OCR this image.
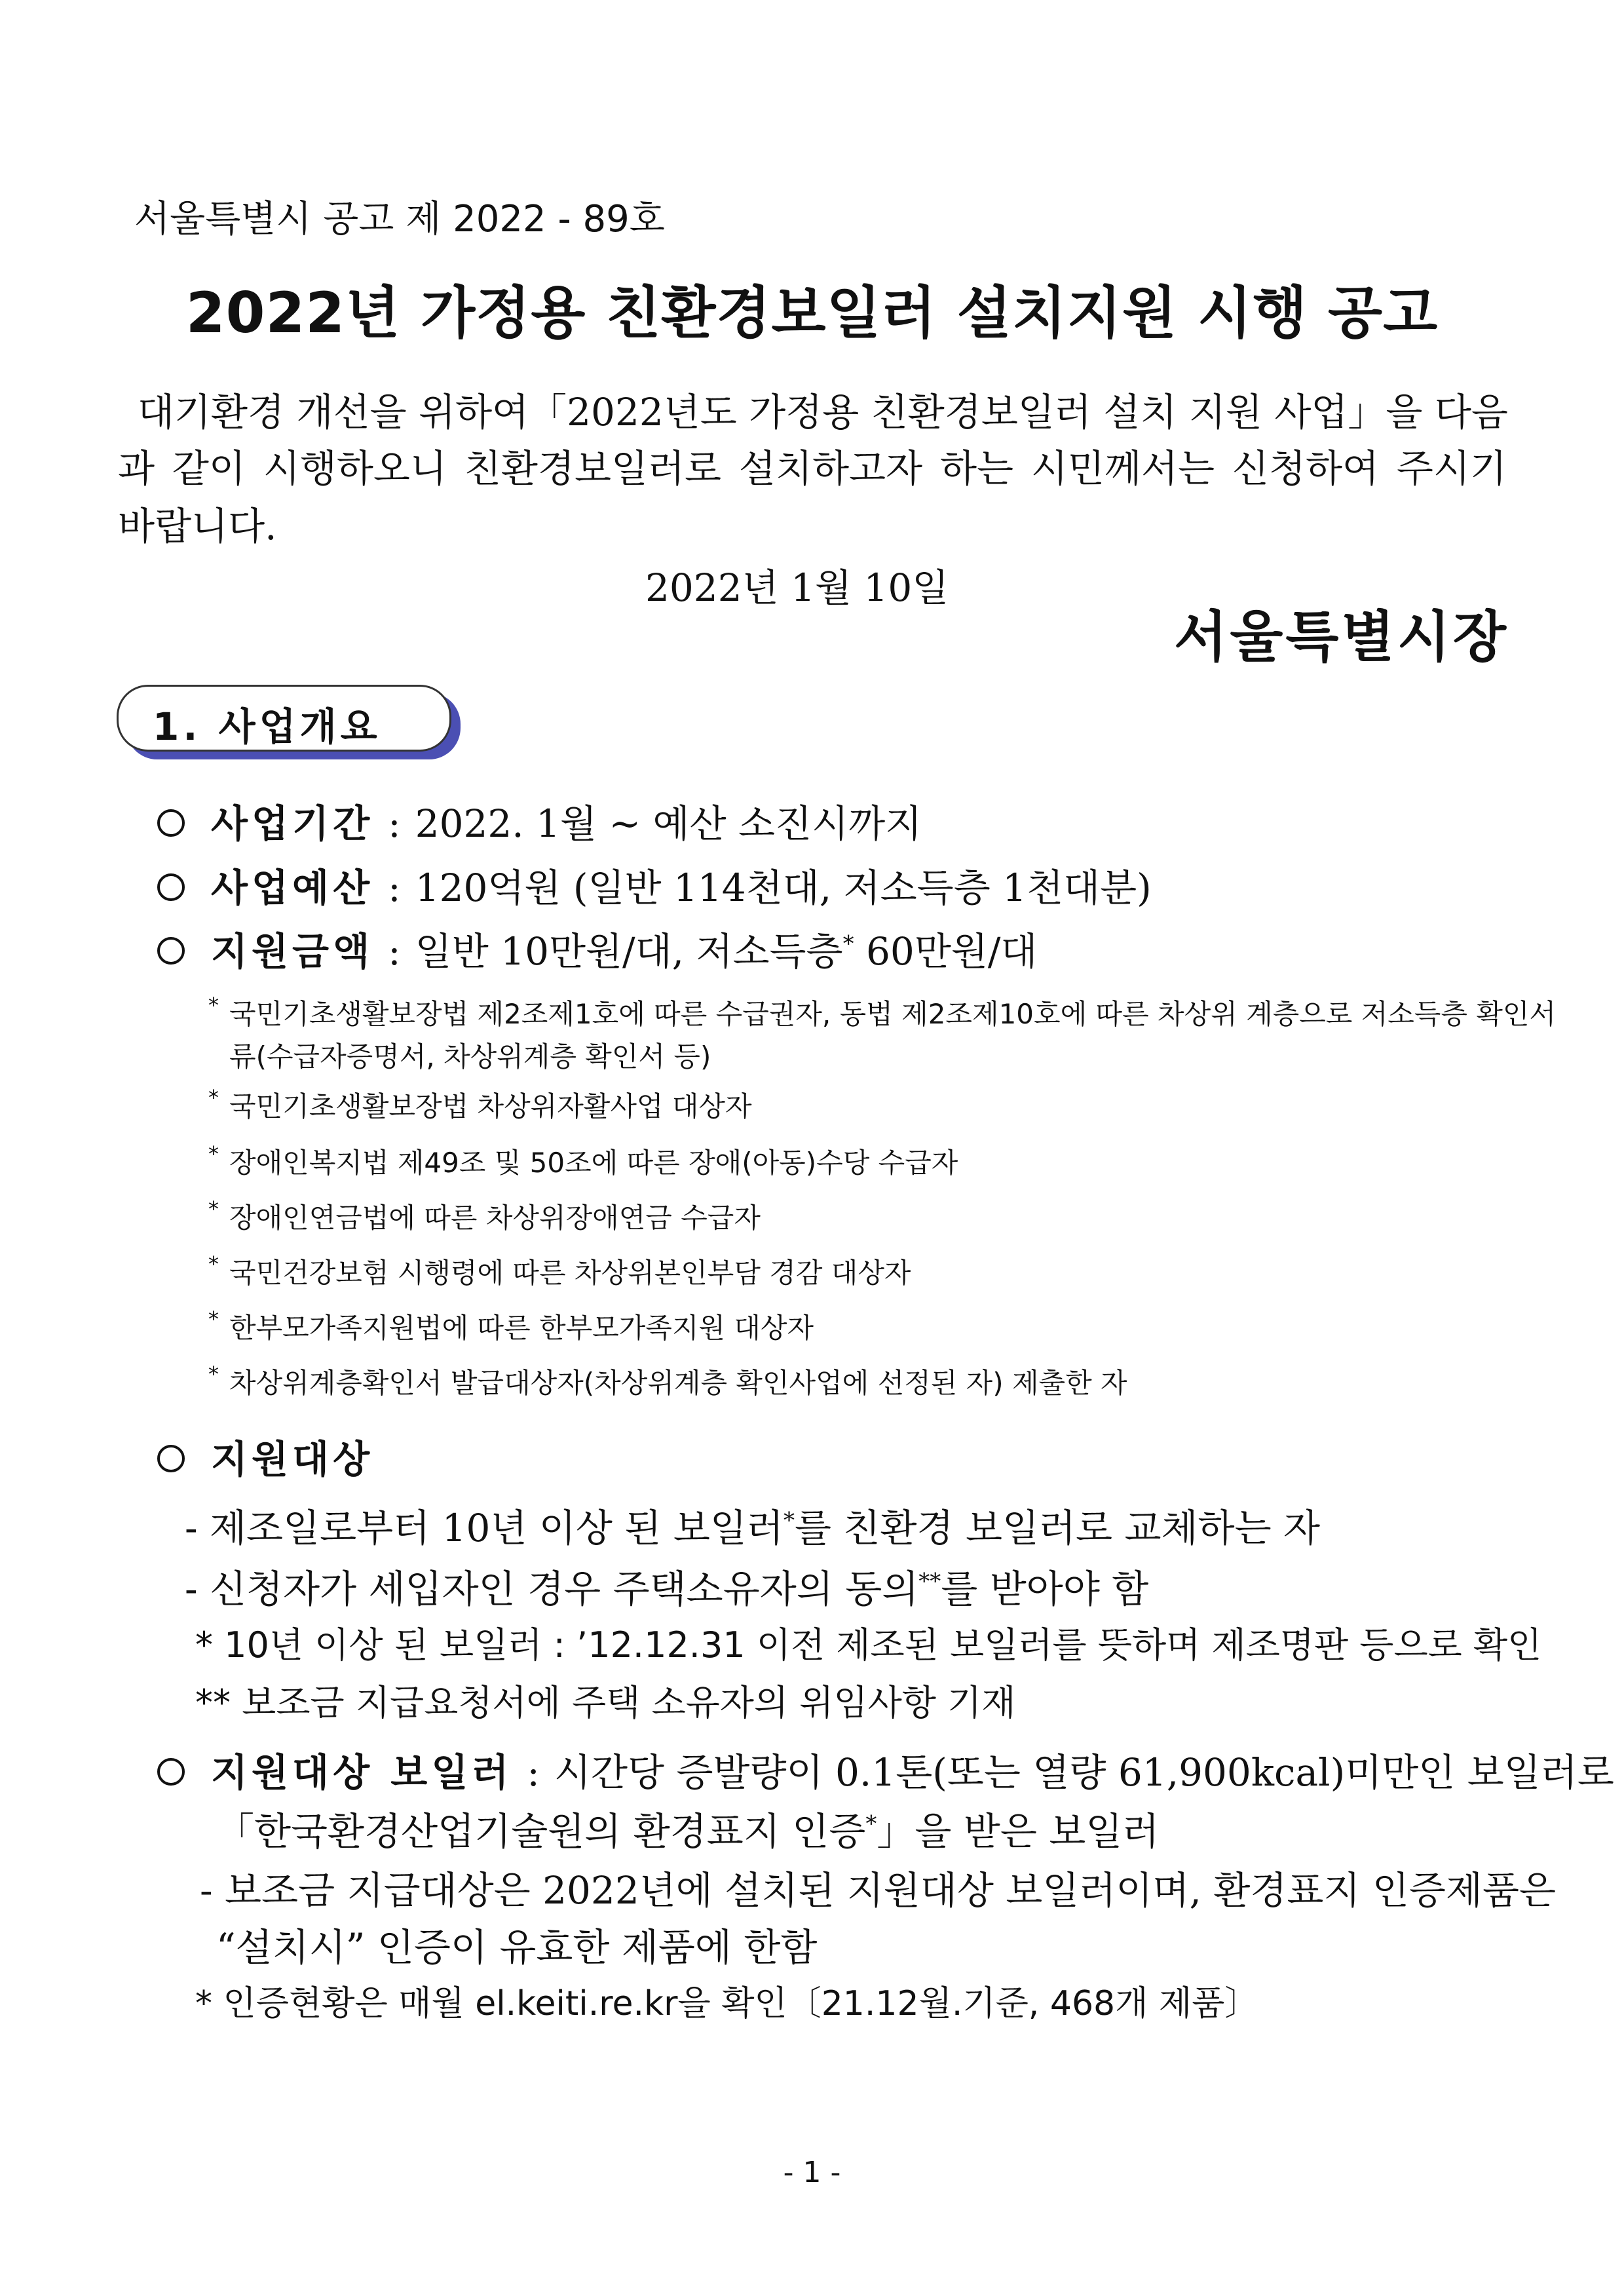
서울특별시 공고 제 2022 - 89호
2022년 가정용 친환경보일러 설치지원 시행 공고
대기환경 개선을 위하여「2022년도 가정용 친환경보일러 설치 지원 사업」을 다음
과 같이 시행하오니 친환경보일러로 설치하고자 하는 시민께서는 신청하여 주시기
바랍니다.
2022년 1월 10일
서울특별시장
1. 사업개요
사업기간 : 2022. 1월 ~ 예산 소진시까지
사업예산 : 120억원 (일반 114천대, 저소득층 1천대분)
지원금액 : 일반 10만원/대, 저소득층* 60만원/대
* 국민기초생활보장법 제2조제1호에 따른 수급권자, 동법 제2조제10호에 따른 차상위 계층으로 저소득층 확인서
류(수급자증명서, 차상위계층 확인서 등)
* 국민기초생활보장법 차상위자활사업 대상자
* 장애인복지법 제49조 및 50조에 따른 장애(아동)수당 수급자
* 장애인연금법에 따른 차상위장애연금 수급자
* 국민건강보험 시행령에 따른 차상위본인부담 경감 대상자
* 한부모가족지원법에 따른 한부모가족지원 대상자
* 차상위계층확인서 발급대상자(차상위계층 확인사업에 선정된 자) 제출한 자
지원대상
- 제조일로부터 10년 이상 된 보일러*를 친환경 보일러로 교체하는 자
- 신청자가 세입자인 경우 주택소유자의 동의**를 받아야 함
* 10년 이상 된 보일러 : ’12.12.31 이전 제조된 보일러를 뜻하며 제조명판 등으로 확인
** 보조금 지급요청서에 주택 소유자의 위임사항 기재
지원대상 보일러 : 시간당 증발량이 0.1톤(또는 열량 61,900kcal)미만인 보일러로
「한국환경산업기술원의 환경표지 인증*」을 받은 보일러
- 보조금 지급대상은 2022년에 설치된 지원대상 보일러이며, 환경표지 인증제품은
“설치시” 인증이 유효한 제품에 한함
* 인증현황은 매월 el.keiti.re.kr을 확인〔21.12월.기준, 468개 제품〕
- 1 -
